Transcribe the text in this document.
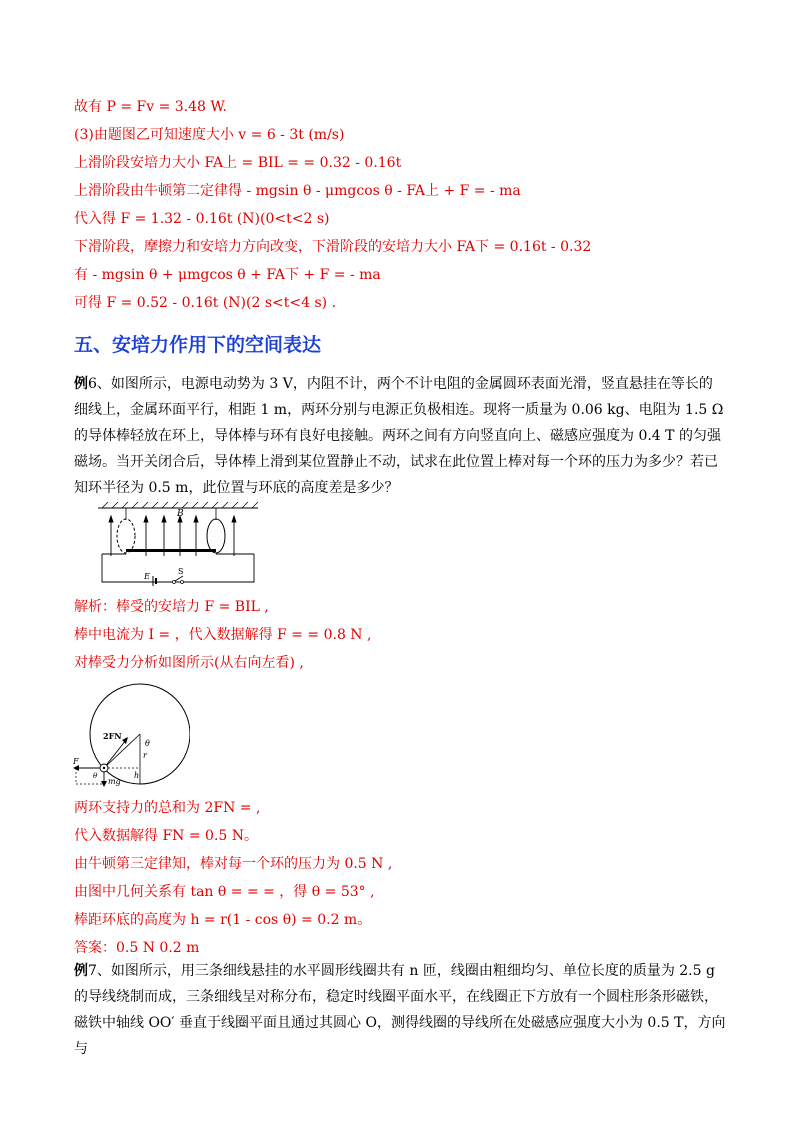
故有 P = Fv = 3.48 W.
(3)由题图乙可知速度大小 v = 6 - 3t (m/s)
上滑阶段安培力大小 FA上 = BIL = = 0.32 - 0.16t
上滑阶段由牛顿第二定律得 - mgsin θ - μmgcos θ - FA上 + F = - ma
代入得 F = 1.32 - 0.16t (N)(0<t<2 s)
下滑阶段，摩擦力和安培力方向改变，下滑阶段的安培力大小 FA下 = 0.16t - 0.32
有 - mgsin θ + μmgcos θ + FA下 + F = - ma
可得 F = 0.52 - 0.16t (N)(2 s<t<4 s) .
五、安培力作用下的空间表达
例6、如图所示，电源电动势为 3 V，内阻不计，两个不计电阻的金属圆环表面光滑，竖直悬挂在等长的细线上，金属环面平行，相距 1 m，两环分别与电源正负极相连。现将一质量为 0.06 kg、电阻为 1.5 Ω 的导体棒轻放在环上，导体棒与环有良好电接触。两环之间有方向竖直向上、磁感应强度为 0.4 T 的匀强磁场。当开关闭合后，导体棒上滑到某位置静止不动，试求在此位置上棒对每一个环的压力为多少？若已知环半径为 0.5 m，此位置与环底的高度差是多少？
B
E
S
解析：棒受的安培力 F = BIL ,
棒中电流为 I = ，代入数据解得 F = = 0.8 N ,
对棒受力分析如图所示(从右向左看) ,
2FN
θ
F
θ
mg
h
r
两环支持力的总和为 2FN = ,
代入数据解得 FN = 0.5 N。
由牛顿第三定律知，棒对每一个环的压力为 0.5 N ,
由图中几何关系有 tan θ = = = ，得 θ = 53° ,
棒距环底的高度为 h = r(1 - cos θ) = 0.2 m。
答案：0.5 N 0.2 m
例7、如图所示，用三条细线悬挂的水平圆形线圈共有 n 匝，线圈由粗细均匀、单位长度的质量为 2.5 g 的导线绕制而成，三条细线呈对称分布，稳定时线圈平面水平，在线圈正下方放有一个圆柱形条形磁铁，磁铁中轴线 OO′ 垂直于线圈平面且通过其圆心 O，测得线圈的导线所在处磁感应强度大小为 0.5 T，方向与
